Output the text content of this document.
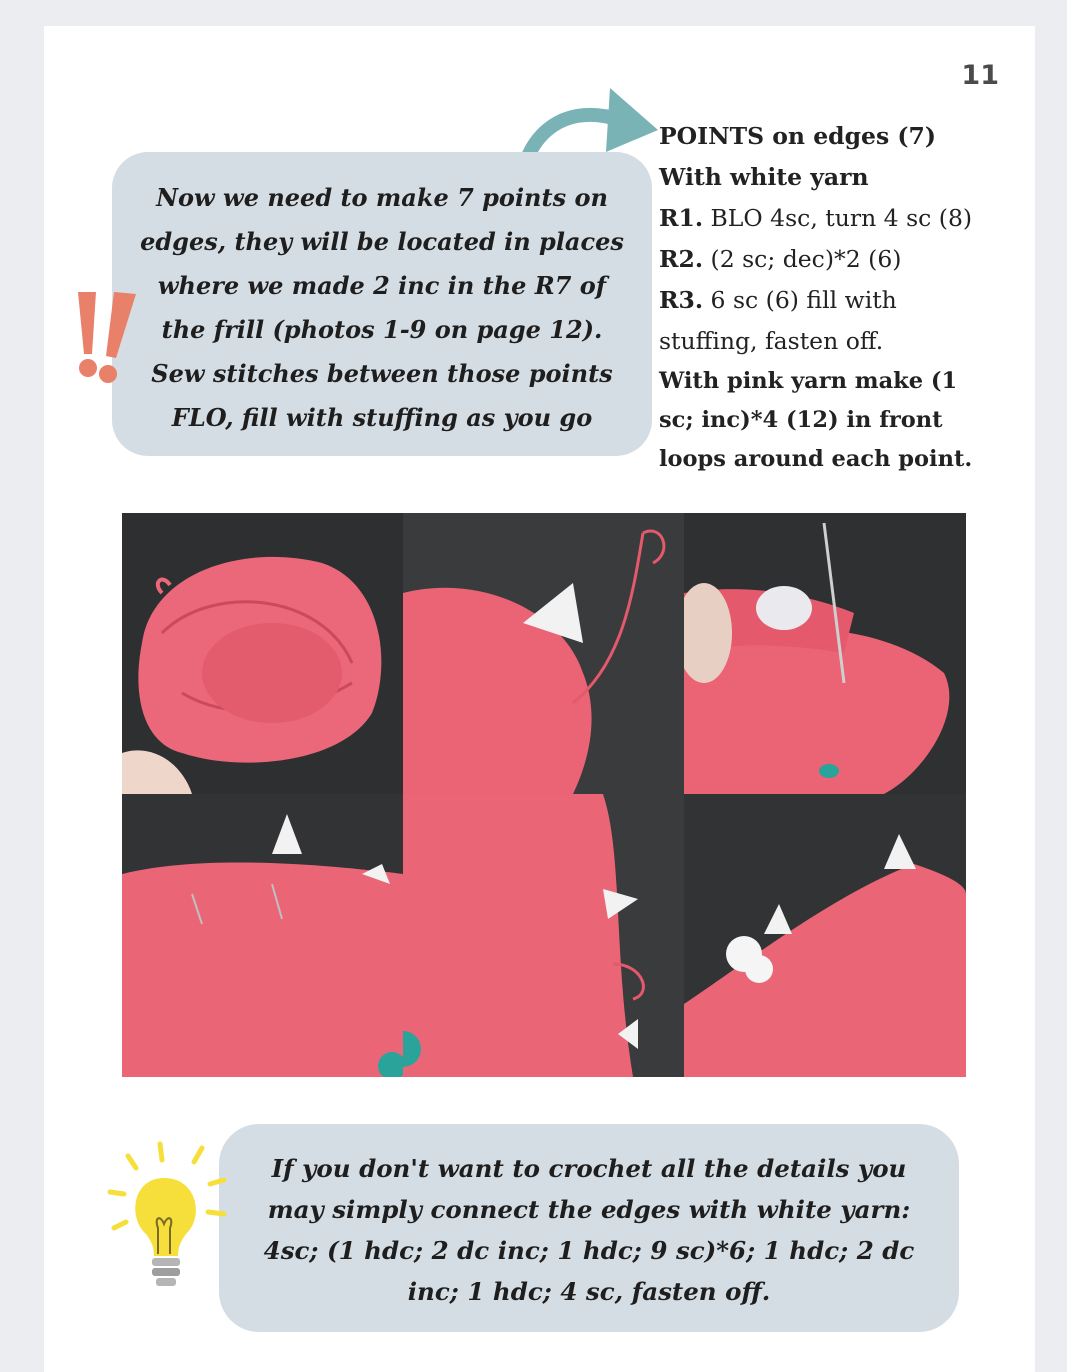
11
Now we need to make 7 points on
edges, they will be located in places
where we made 2 inc in the R7 of
the frill (photos 1-9 on page 12).
Sew stitches between those points
FLO, fill with stuffing as you go
POINTS on edges (7)
With white yarn
R1. BLO 4sc, turn 4 sc (8)
R2. (2 sc; dec)*2 (6)
R3. 6 sc (6) fill with
stuffing, fasten off.
With pink yarn make (1
sc; inc)*4 (12) in front
loops around each point.
If you don't want to crochet all the details you
may simply connect the edges with white yarn:
4sc; (1 hdc; 2 dc inc; 1 hdc; 9 sc)*6; 1 hdc; 2 dc
inc; 1 hdc; 4 sc, fasten off.
